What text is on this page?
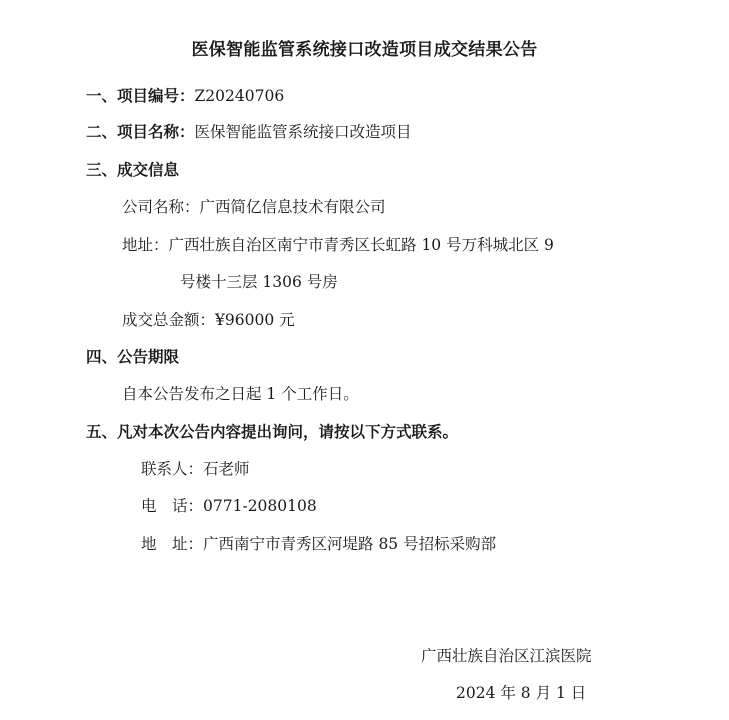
医保智能监管系统接口改造项目成交结果公告
一、项目编号：Z20240706
二、项目名称：医保智能监管系统接口改造项目
三、成交信息
公司名称：广西简亿信息技术有限公司
地址：广西壮族自治区南宁市青秀区长虹路 10 号万科城北区 9
号楼十三层 1306 号房
成交总金额：¥96000 元
四、公告期限
自本公告发布之日起 1 个工作日。
五、凡对本次公告内容提出询问，请按以下方式联系。
联系人：石老师
电　话：0771-2080108
地　址：广西南宁市青秀区河堤路 85 号招标采购部
广西壮族自治区江滨医院
2024 年 8 月 1 日
